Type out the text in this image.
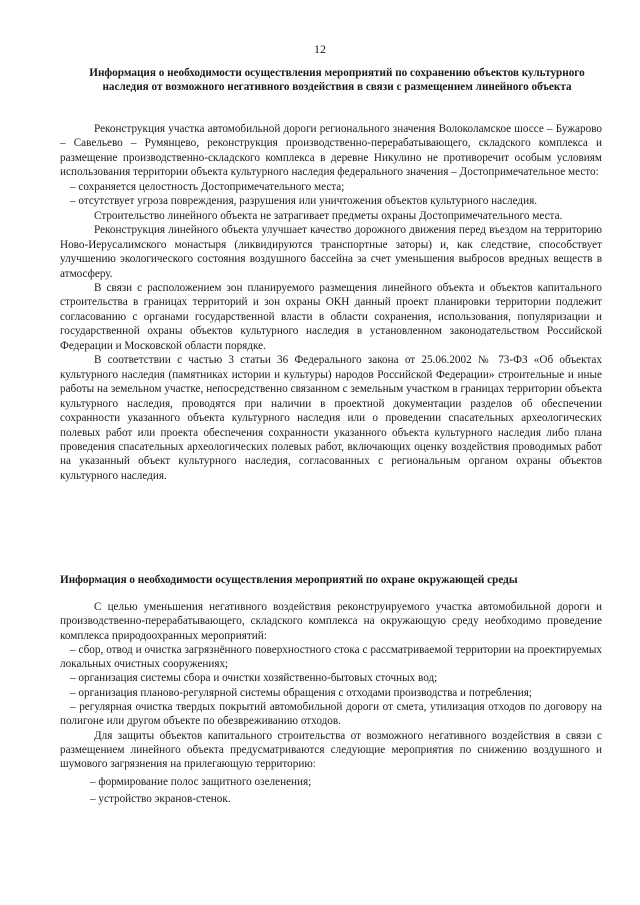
12
Информация о необходимости осуществления мероприятий по сохранению объектов культурного наследия от возможного негативного воздействия в связи с размещением линейного объекта

Реконструкция участка автомобильной дороги регионального значения Волоколамское шоссе – Бужарово – Савельево – Румянцево, реконструкция производственно-перерабатывающего, складского комплекса и размещение производственно-складского комплекса в деревне Никулино не противоречит особым условиям использования территории объекта культурного наследия федерального значения – Достопримечательное место:

– сохраняется целостность Достопримечательного места;

– отсутствует угроза повреждения, разрушения или уничтожения объектов культурного наследия.

Строительство линейного объекта не затрагивает предметы охраны Достопримечательного места.

Реконструкция линейного объекта улучшает качество дорожного движения перед въездом на территорию Ново-Иерусалимского монастыря (ликвидируются транспортные заторы) и, как следствие, способствует улучшению экологического состояния воздушного бассейна за счет уменьшения выбросов вредных веществ в атмосферу.

В связи с расположением зон планируемого размещения линейного объекта и объектов капитального строительства в границах территорий и зон охраны ОКН данный проект планировки территории подлежит согласованию с органами государственной власти в области сохранения, использования, популяризации и государственной охраны объектов культурного наследия в установленном законодательством Российской Федерации и Московской области порядке.

В соответствии с частью 3 статьи 36 Федерального закона от 25.06.2002 № 73-ФЗ «Об объектах культурного наследия (памятниках истории и культуры) народов Российской Федерации» строительные и иные работы на земельном участке, непосредственно связанном с земельным участком в границах территории объекта культурного наследия, проводятся при наличии в проектной документации разделов об обеспечении сохранности указанного объекта культурного наследия или о проведении спасательных археологических полевых работ или проекта обеспечения сохранности указанного объекта культурного наследия либо плана проведения спасательных археологических полевых работ, включающих оценку воздействия проводимых работ на указанный объект культурного наследия, согласованных с региональным органом охраны объектов культурного наследия.

Информация о необходимости осуществления мероприятий по охране окружающей среды

С целью уменьшения негативного воздействия реконструируемого участка автомобильной дороги и производственно-перерабатывающего, складского комплекса на окружающую среду необходимо проведение комплекса природоохранных мероприятий:

– сбор, отвод и очистка загрязнённого поверхностного стока с рассматриваемой территории на проектируемых локальных очистных сооружениях;

– организация системы сбора и очистки хозяйственно-бытовых сточных вод;

– организация планово-регулярной системы обращения с отходами производства и потребления;

– регулярная очистка твердых покрытий автомобильной дороги от смета, утилизация отходов по договору на полигоне или другом объекте по обезвреживанию отходов.

Для защиты объектов капитального строительства от возможного негативного воздействия в связи с размещением линейного объекта предусматриваются следующие мероприятия по снижению воздушного и шумового загрязнения на прилегающую территорию:

– формирование полос защитного озеленения;

– устройство экранов-стенок.
